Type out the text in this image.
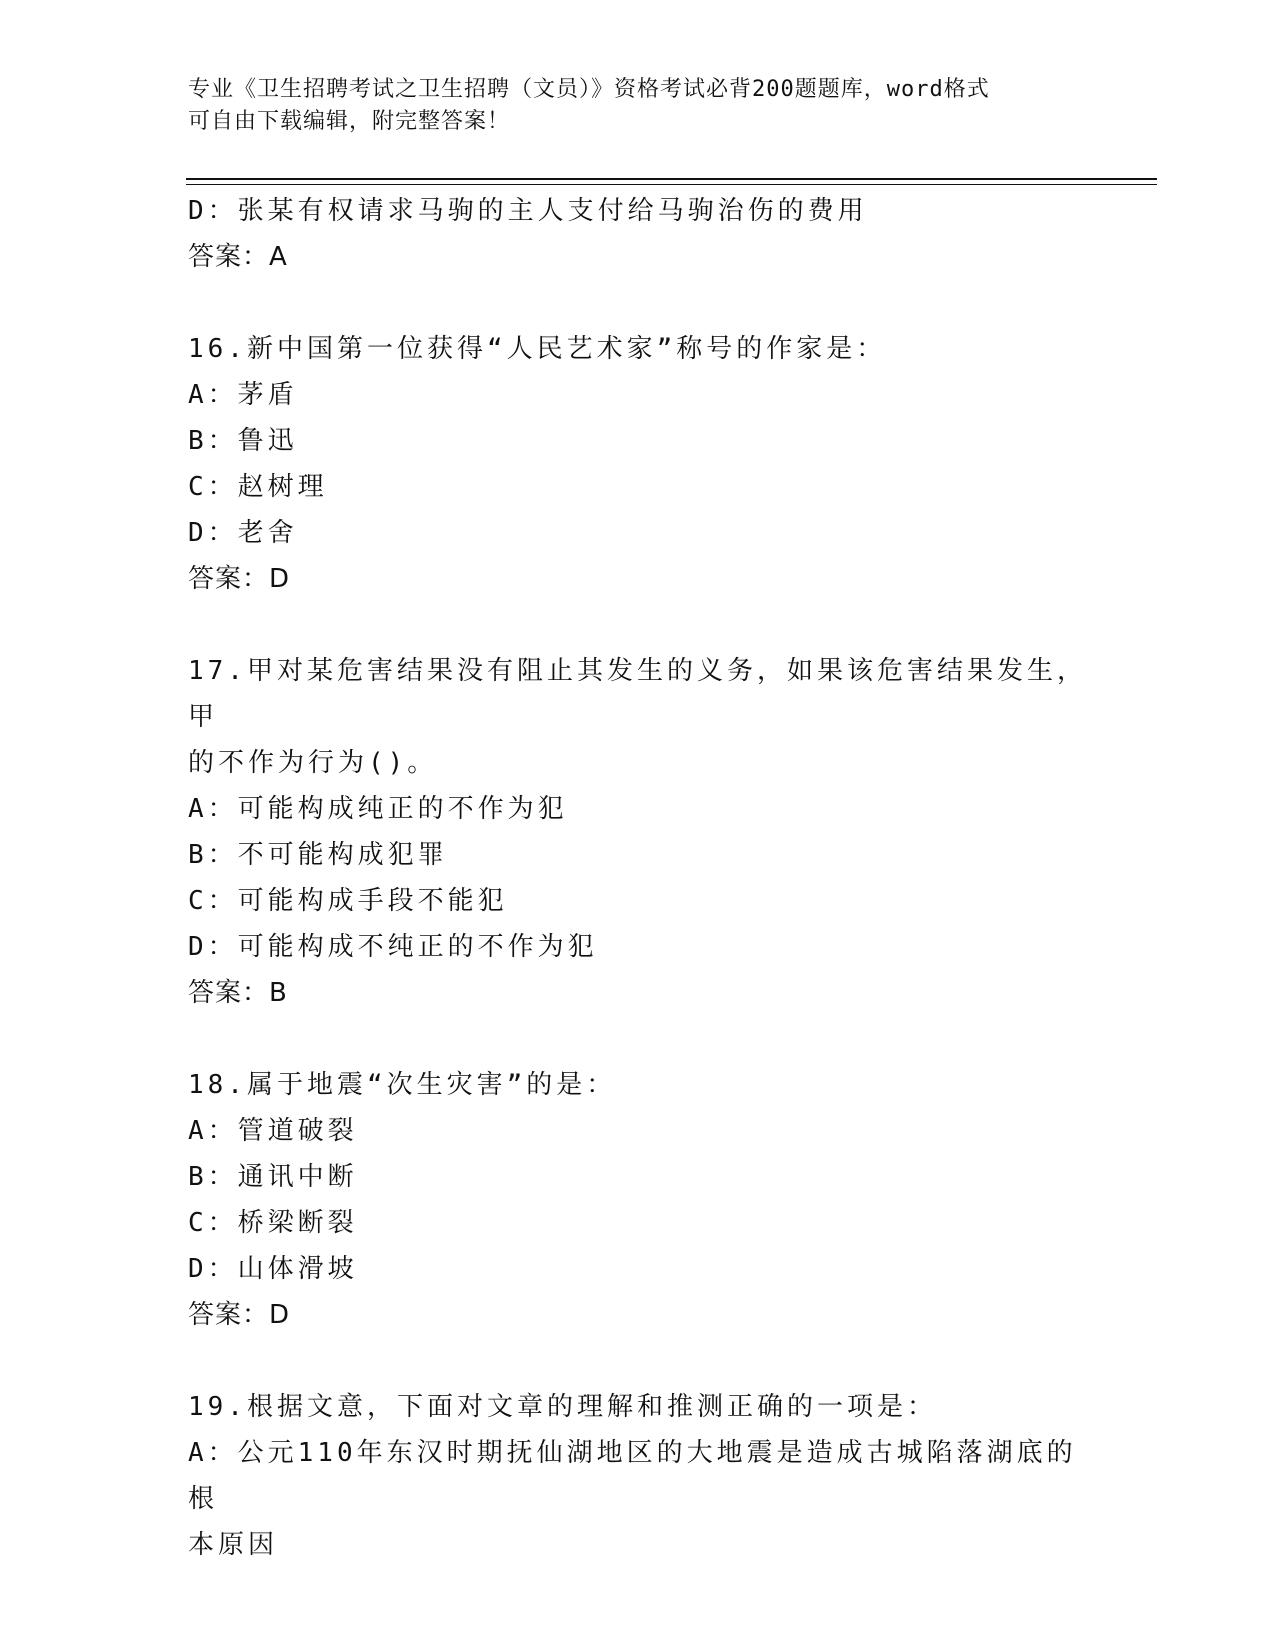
专业《卫生招聘考试之卫生招聘（文员）》资格考试必背200题题库，word格式
可自由下载编辑，附完整答案！
D：张某有权请求马驹的主人支付给马驹治伤的费用
答案：A
16.新中国第一位获得“人民艺术家”称号的作家是：
A：茅盾
B：鲁迅
C：赵树理
D：老舍
答案：D
17.甲对某危害结果没有阻止其发生的义务，如果该危害结果发生，甲
的不作为行为()。
A：可能构成纯正的不作为犯
B：不可能构成犯罪
C：可能构成手段不能犯
D：可能构成不纯正的不作为犯
答案：B
18.属于地震“次生灾害”的是：
A：管道破裂
B：通讯中断
C：桥梁断裂
D：山体滑坡
答案：D
19.根据文意，下面对文章的理解和推测正确的一项是：
A：公元110年东汉时期抚仙湖地区的大地震是造成古城陷落湖底的根
本原因
